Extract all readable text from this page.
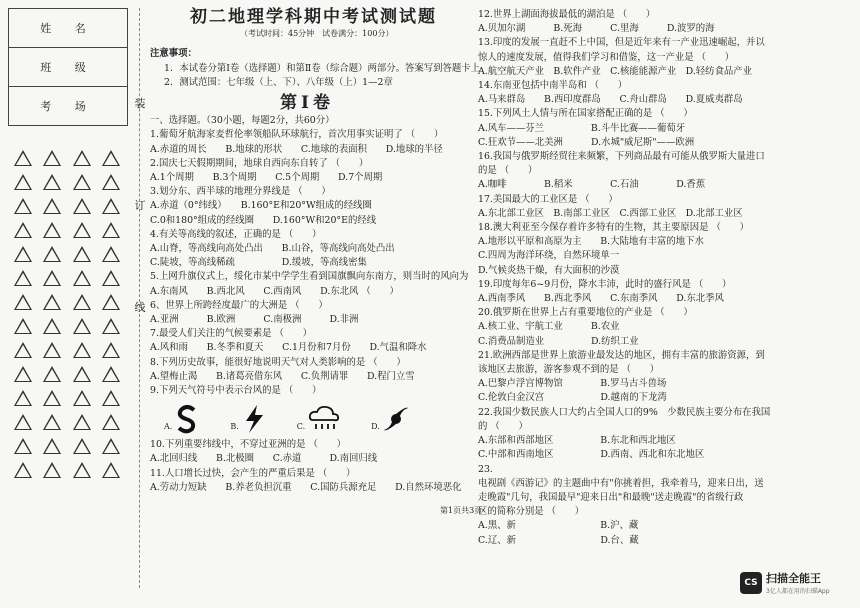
姓 名
班 级
考 场	装
订
线

初二地理学科期中考试测试题

（考试时间：45分钟　试卷满分：100分）

注意事项：

1．本试卷分第Ⅰ卷（选择题）和第Ⅱ卷（综合题）两部分。答案写到答题卡上

2．测试范围：七年级（上、下）、八年级（上）1—2章

第Ⅰ卷

一、选择题。（30小题，每题2分，共60分）

1.葡萄牙航海家麦哲伦率领船队环球航行，首次用事实证明了 （　　）

A.赤道的周长　　B.地球的形状　　C.地球的表面积　　D.地球的半径

2.国庆七天假期期间，地球自西向东自转了 （　　）

A.1个周期　　B.3个周期　　C.5个周期　　D.7个周期

3.划分东、西半球的地理分界线是 （　　）

A.赤道（0°纬线）　　B.160°E和20°W组成的经线圈

C.0和180°组成的经线圈　　D.160°W和20°E的经线

4.有关等高线的叙述，正确的是 （　　）

A.山脊，等高线向高处凸出　　B.山谷，等高线向高处凸出

C.陡坡，等高线稀疏　　　　　D.缓坡，等高线密集

5.上网升旗仪式上，绥化市某中学学生看到国旗飘向东南方，则当时的风向为

A.东南风　　B.西北风　　C.西南风　　D.东北风 （　　）

6、世界上所跨经度最广的大洲是 （　　）

A.亚洲　　　B.欧洲　　　C.南极洲　　　D.非洲

7.最受人们关注的气候要素是 （　　）

A.风和雨　　B.冬季和夏天　　C.1月份和7月份　　D.气温和降水

8.下列历史故事，能很好地说明天气对人类影响的是 （　　）

A.望梅止渴　　B.诸葛亮借东风　　C.负荆请罪　　D.程门立雪

9.下列天气符号中表示台风的是 （　　）

A.	B.	C.	D.

10.下列重要纬线中，不穿过亚洲的是 （　　）

A.北回归线　　B.北极圈　　C.赤道　　　D.南回归线

11.人口增长过快，会产生的严重后果是 （　　）

A.劳动力短缺　　B.养老负担沉重　　C.国防兵源充足　　D.自然环境恶化

12.世界上湖面海拔最低的湖泊是 （　　）

A.贝加尔湖　　　B.死海　　　C.里海　　　D.波罗的海

13.印度的发展一直赶不上中国，但是近年来有一产业迅速崛起，并以

惊人的速度发展，值得我们学习和借鉴，这一产业是 （　　）

A.航空航天产业　B.软件产业　C.核能能源产业　D.轻纺食品产业

14.东南亚包括中南半岛和 （　　）

A.马来群岛　　B.西印度群岛　　C.舟山群岛　　D.夏威夷群岛

15.下列风土人情与所在国家搭配正确的是 （　　）

A.风车——芬兰　　　　　B.斗牛比赛——葡萄牙

C.狂欢节——北美洲　　　D.水城"威尼斯"——欧洲

16.我国与俄罗斯经贸往来频繁，下列商品最有可能从俄罗斯大量进口

的是 （　　）

A.咖啡　　　　B.稻米　　　　C.石油　　　　D.香蕉

17.美国最大的工业区是 （　　）

A.东北部工业区　B.南部工业区　C.西部工业区　D.北部工业区

18.澳大利亚至今保存着许多特有的生物，其主要原因是 （　　）

A.地形以平原和高原为主　　B.大陆地有丰富的地下水

C.四周为海洋环绕，自然环境单一

D.气候炎热干燥，有大面积的沙漠

19.印度每年6~9月份，降水丰沛，此时的盛行风是 （　　）

A.西南季风　　B.西北季风　　C.东南季风　　D.东北季风

20.俄罗斯在世界上占有重要地位的产业是 （　　）

A.核工业、宇航工业　　　B.农业

C.消费品制造业　　　　　D.纺织工业

21.欧洲西部是世界上旅游业最发达的地区，拥有丰富的旅游资源，到

该地区去旅游，游客参观不到的是 （　　）

A.巴黎卢浮宫博物馆　　　　B.罗马古斗兽场

C.伦敦白金汉宫　　　　　　D.越南的下龙湾

22.我国少数民族人口大约占全国人口的9%　少数民族主要分布在我国

的 （　　）

A.东部和西部地区　　　　　B.东北和西北地区

C.中部和西南地区　　　　　D.西南、西北和东北地区

23.

电视剧《西游记》的主题曲中有"你挑着担，我牵着马，迎来日出，送

走晚霞"几句，我国最早"迎来日出"和最晚"送走晚霞"的省级行政

区的简称分别是 （　　）

A.黑、新　　　　　　　　　B.沪、藏

C.辽、新　　　　　　　　　D.台、藏

第1页共3页
CS 扫描全能王
3亿人都在用的扫描App
